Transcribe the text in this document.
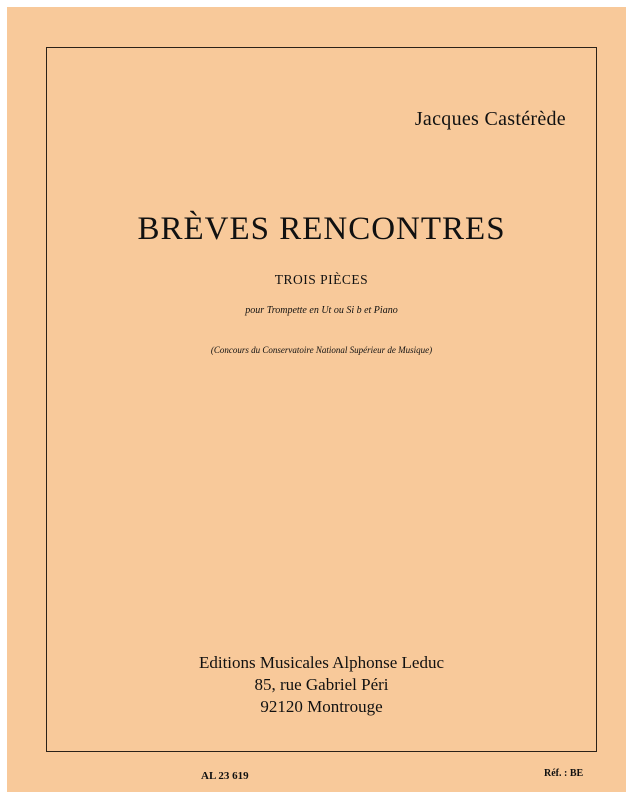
Jacques Castérède
BRÈVES RENCONTRES
TROIS PIÈCES
pour Trompette en Ut ou Si b et Piano
(Concours du Conservatoire National Supérieur de Musique)
Editions Musicales Alphonse Leduc
85, rue Gabriel Péri
92120 Montrouge
AL 23 619	Réf. : BE
